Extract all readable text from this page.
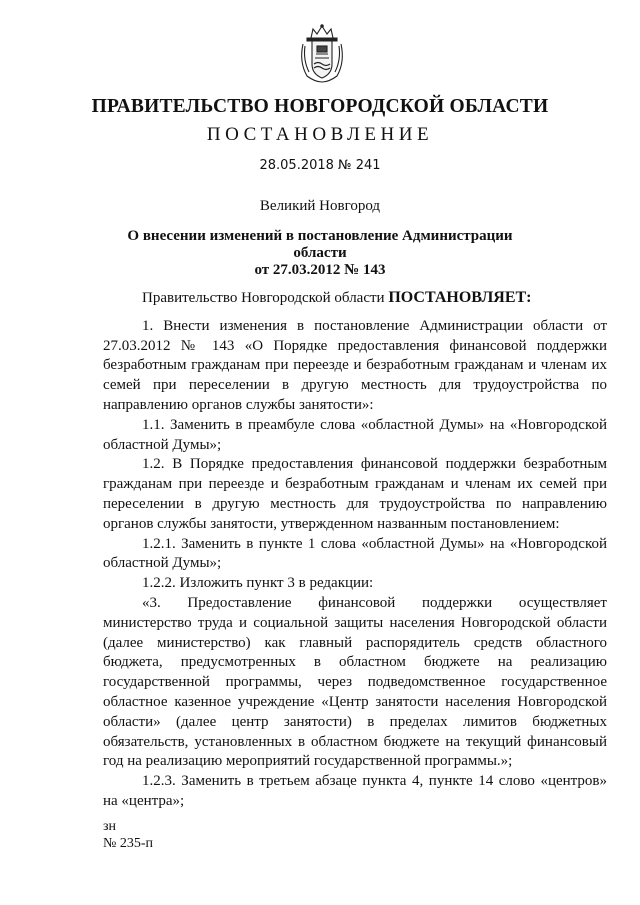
ПРАВИТЕЛЬСТВО НОВГОРОДСКОЙ ОБЛАСТИ
ПОСТАНОВЛЕНИЕ
28.05.2018 № 241
Великий Новгород
О внесении изменений в постановление Администрации области
от 27.03.2012 № 143

Правительство Новгородской области ПОСТАНОВЛЯЕТ:

1. Внести изменения в постановление Администрации области от 27.03.2012 № 143 «О Порядке предоставления финансовой поддержки безработным гражданам при переезде и безработным гражданам и членам их семей при переселении в другую местность для трудоустройства по направлению органов службы занятости»:

1.1. Заменить в преамбуле слова «областной Думы» на «Новгородской областной Думы»;

1.2. В Порядке предоставления финансовой поддержки безработным гражданам при переезде и безработным гражданам и членам их семей при переселении в другую местность для трудоустройства по направлению органов службы занятости, утвержденном названным постановлением:

1.2.1. Заменить в пункте 1 слова «областной Думы» на «Новгородской областной Думы»;

1.2.2. Изложить пункт 3 в редакции:

«3. Предоставление финансовой поддержки осуществляет министерство труда и социальной защиты населения Новгородской области (далее министерство) как главный распорядитель средств областного бюджета, предусмотренных в областном бюджете на реализацию государственной программы, через подведомственное государственное областное казенное учреждение «Центр занятости населения Новгородской области» (далее центр занятости) в пределах лимитов бюджетных обязательств, установленных в областном бюджете на текущий финансовый год на реализацию мероприятий государственной программы.»;

1.2.3. Заменить в третьем абзаце пункта 4, пункте 14 слово «центров» на «центра»;

зн
№ 235-п
